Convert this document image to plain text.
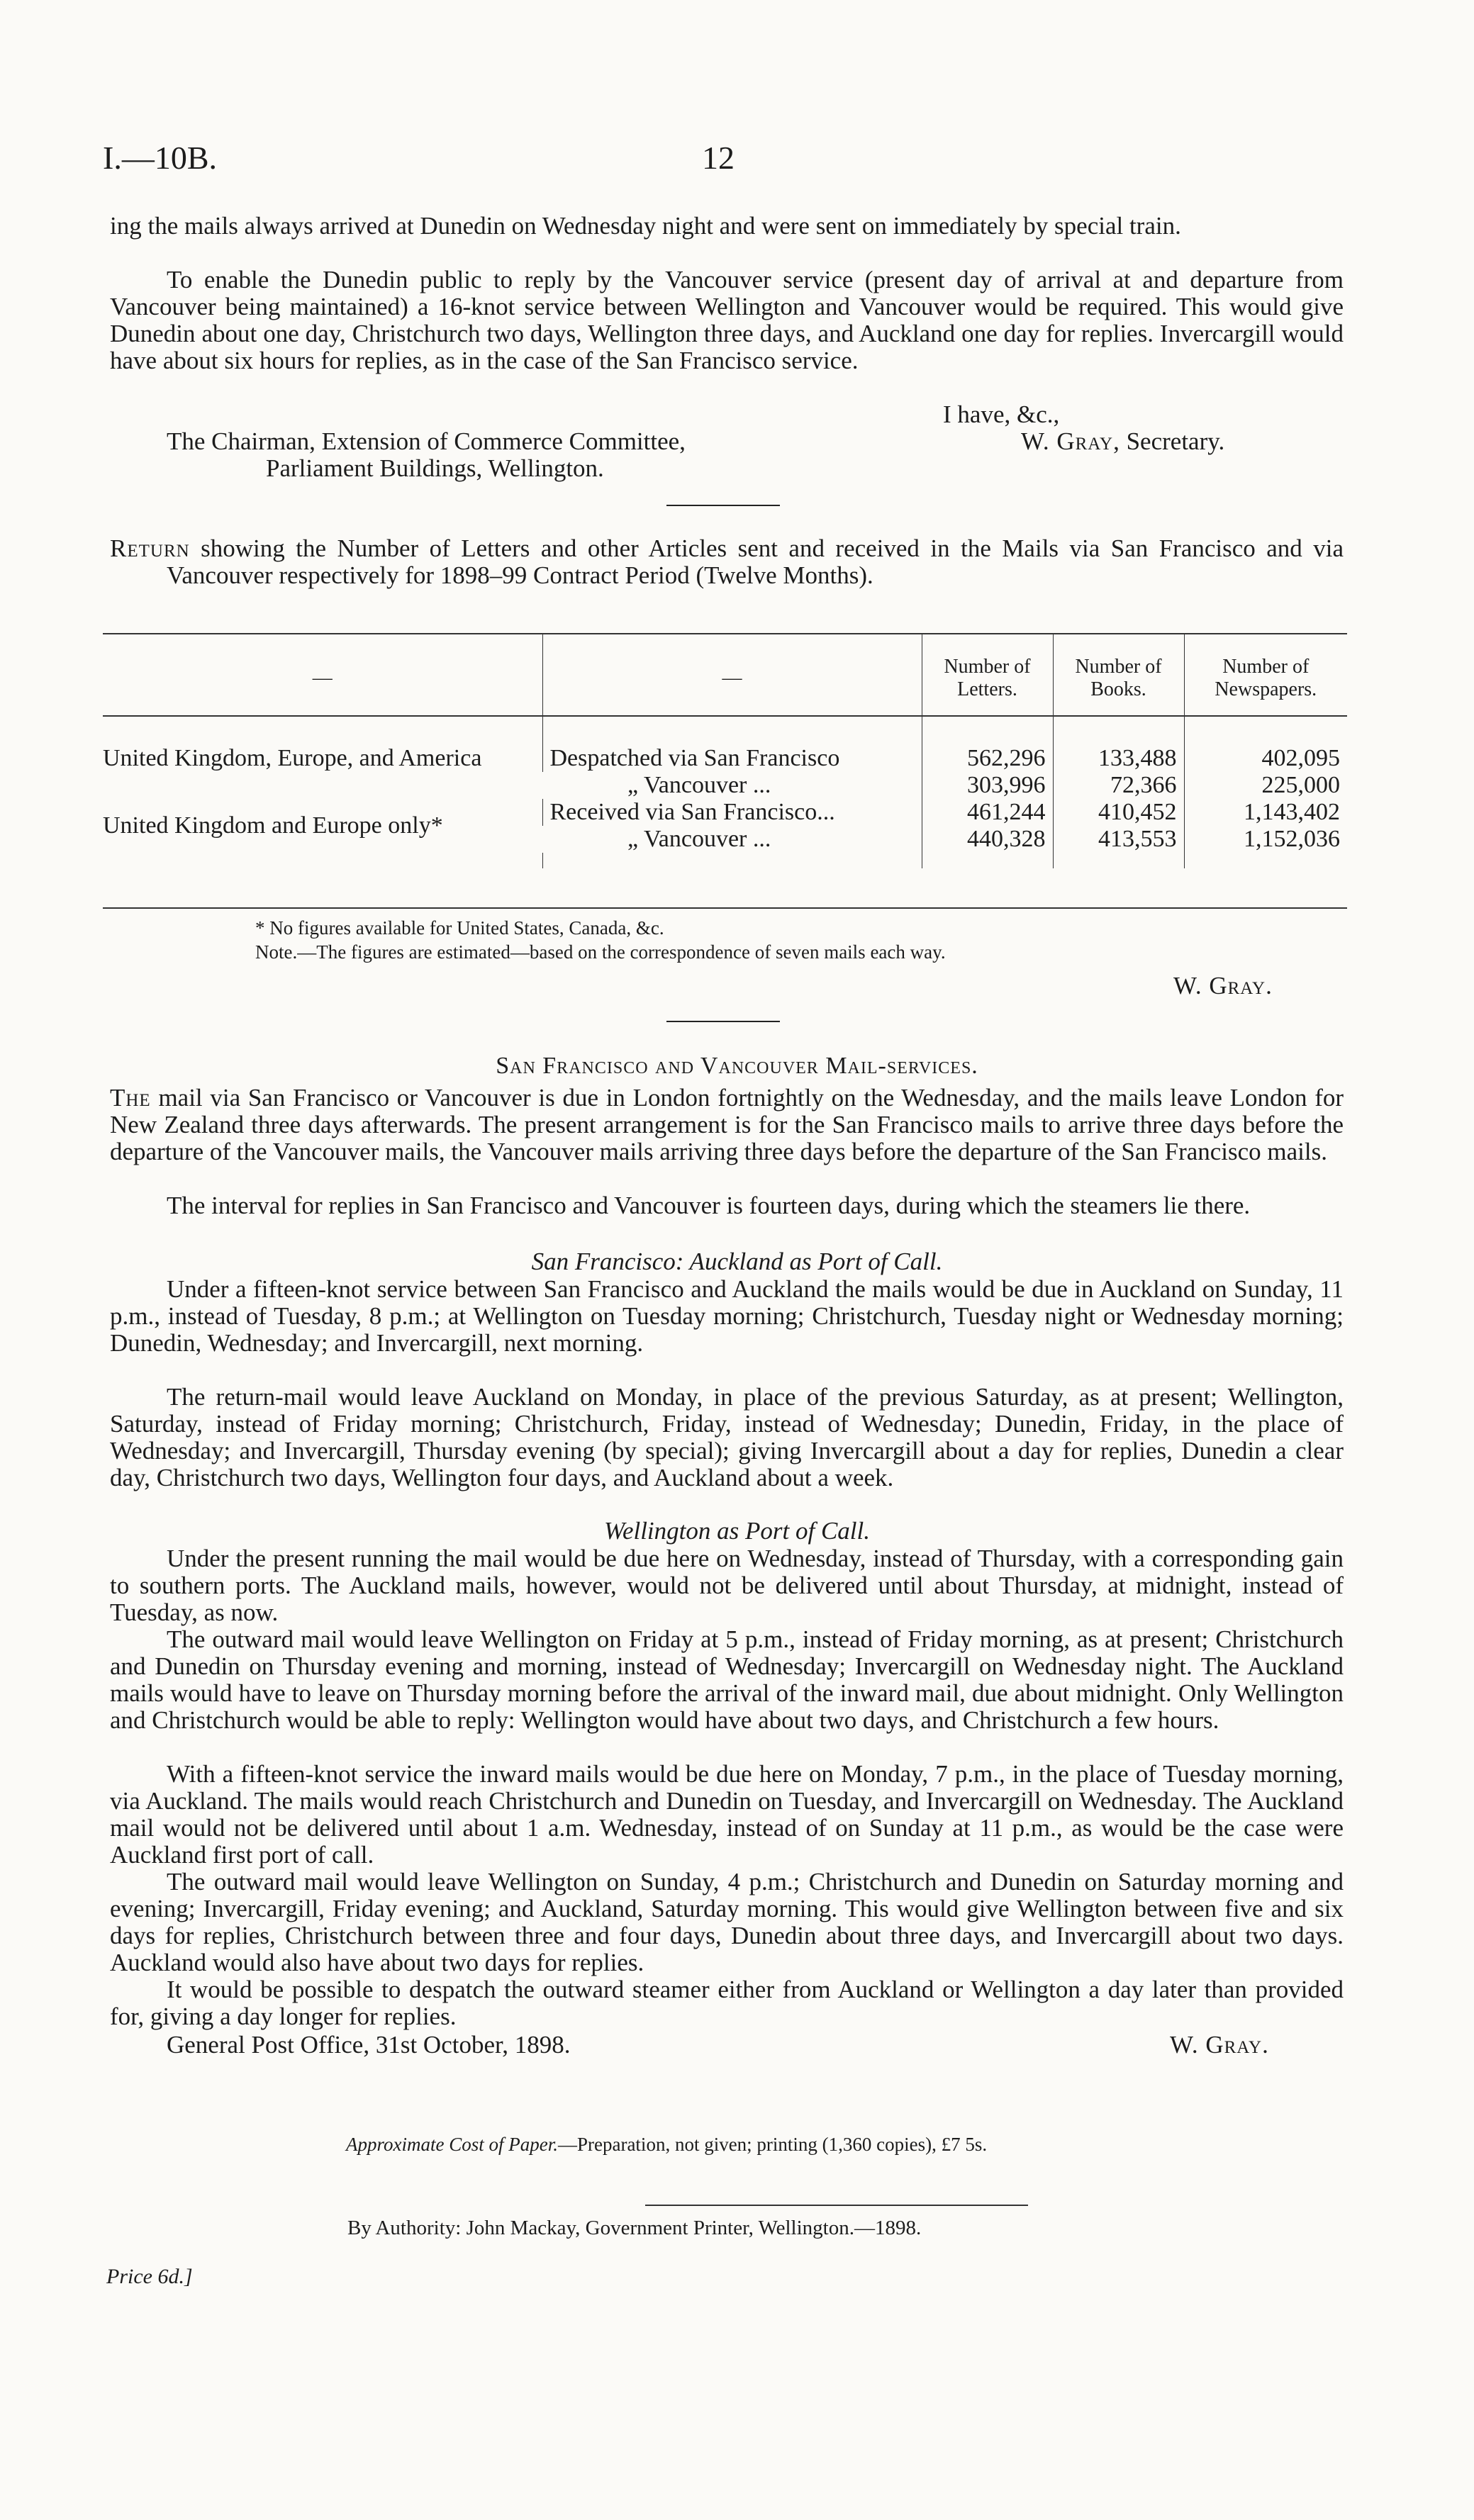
I.—10B.	12

ing the mails always arrived at Dunedin on Wednesday night and were sent on immediately by special train.

To enable the Dunedin public to reply by the Vancouver service (present day of arrival at and departure from Vancouver being maintained) a 16-knot service between Wellington and Vancouver would be required. This would give Dunedin about one day, Christchurch two days, Wellington three days, and Auckland one day for replies. Invercargill would have about six hours for replies, as in the case of the San Francisco service.

I have, &c.,
The Chairman, Extension of Commerce Committee,	W. Gray, Secretary.
Parliament Buildings, Wellington.

Return showing the Number of Letters and other Articles sent and received in the Mails via San Francisco and via Vancouver respectively for 1898–99 Contract Period (Twelve Months).

—	—	Number of Letters.	Number of Books.	Number of Newspapers.

United Kingdom, Europe, and America	Despatched via San Francisco	562,296	133,488	402,095
	„ Vancouver ...	303,996	72,366	225,000
United Kingdom and Europe only*	Received via San Francisco...	461,244	410,452	1,143,402
	„ Vancouver ...	440,328	413,553	1,152,036

* No figures available for United States, Canada, &c.
Note.—The figures are estimated—based on the correspondence of seven mails each way.
W. Gray.
San Francisco and Vancouver Mail-services.

The mail via San Francisco or Vancouver is due in London fortnightly on the Wednesday, and the mails leave London for New Zealand three days afterwards. The present arrangement is for the San Francisco mails to arrive three days before the departure of the Vancouver mails, the Vancouver mails arriving three days before the departure of the San Francisco mails.

The interval for replies in San Francisco and Vancouver is fourteen days, during which the steamers lie there.

San Francisco: Auckland as Port of Call.

Under a fifteen-knot service between San Francisco and Auckland the mails would be due in Auckland on Sunday, 11 p.m., instead of Tuesday, 8 p.m.; at Wellington on Tuesday morning; Christchurch, Tuesday night or Wednesday morning; Dunedin, Wednesday; and Invercargill, next morning.

The return-mail would leave Auckland on Monday, in place of the previous Saturday, as at present; Wellington, Saturday, instead of Friday morning; Christchurch, Friday, instead of Wednesday; Dunedin, Friday, in the place of Wednesday; and Invercargill, Thursday evening (by special); giving Invercargill about a day for replies, Dunedin a clear day, Christchurch two days, Wellington four days, and Auckland about a week.

Wellington as Port of Call.

Under the present running the mail would be due here on Wednesday, instead of Thursday, with a corresponding gain to southern ports. The Auckland mails, however, would not be delivered until about Thursday, at midnight, instead of Tuesday, as now.

The outward mail would leave Wellington on Friday at 5 p.m., instead of Friday morning, as at present; Christchurch and Dunedin on Thursday evening and morning, instead of Wednesday; Invercargill on Wednesday night. The Auckland mails would have to leave on Thursday morning before the arrival of the inward mail, due about midnight. Only Wellington and Christchurch would be able to reply: Wellington would have about two days, and Christchurch a few hours.

With a fifteen-knot service the inward mails would be due here on Monday, 7 p.m., in the place of Tuesday morning, via Auckland. The mails would reach Christchurch and Dunedin on Tuesday, and Invercargill on Wednesday. The Auckland mail would not be delivered until about 1 a.m. Wednesday, instead of on Sunday at 11 p.m., as would be the case were Auckland first port of call.

The outward mail would leave Wellington on Sunday, 4 p.m.; Christchurch and Dunedin on Saturday morning and evening; Invercargill, Friday evening; and Auckland, Saturday morning. This would give Wellington between five and six days for replies, Christchurch between three and four days, Dunedin about three days, and Invercargill about two days. Auckland would also have about two days for replies.

It would be possible to despatch the outward steamer either from Auckland or Wellington a day later than provided for, giving a day longer for replies.

General Post Office, 31st October, 1898.	W. Gray.
Approximate Cost of Paper.—Preparation, not given; printing (1,360 copies), £7 5s.
By Authority: John Mackay, Government Printer, Wellington.—1898.
Price 6d.]
